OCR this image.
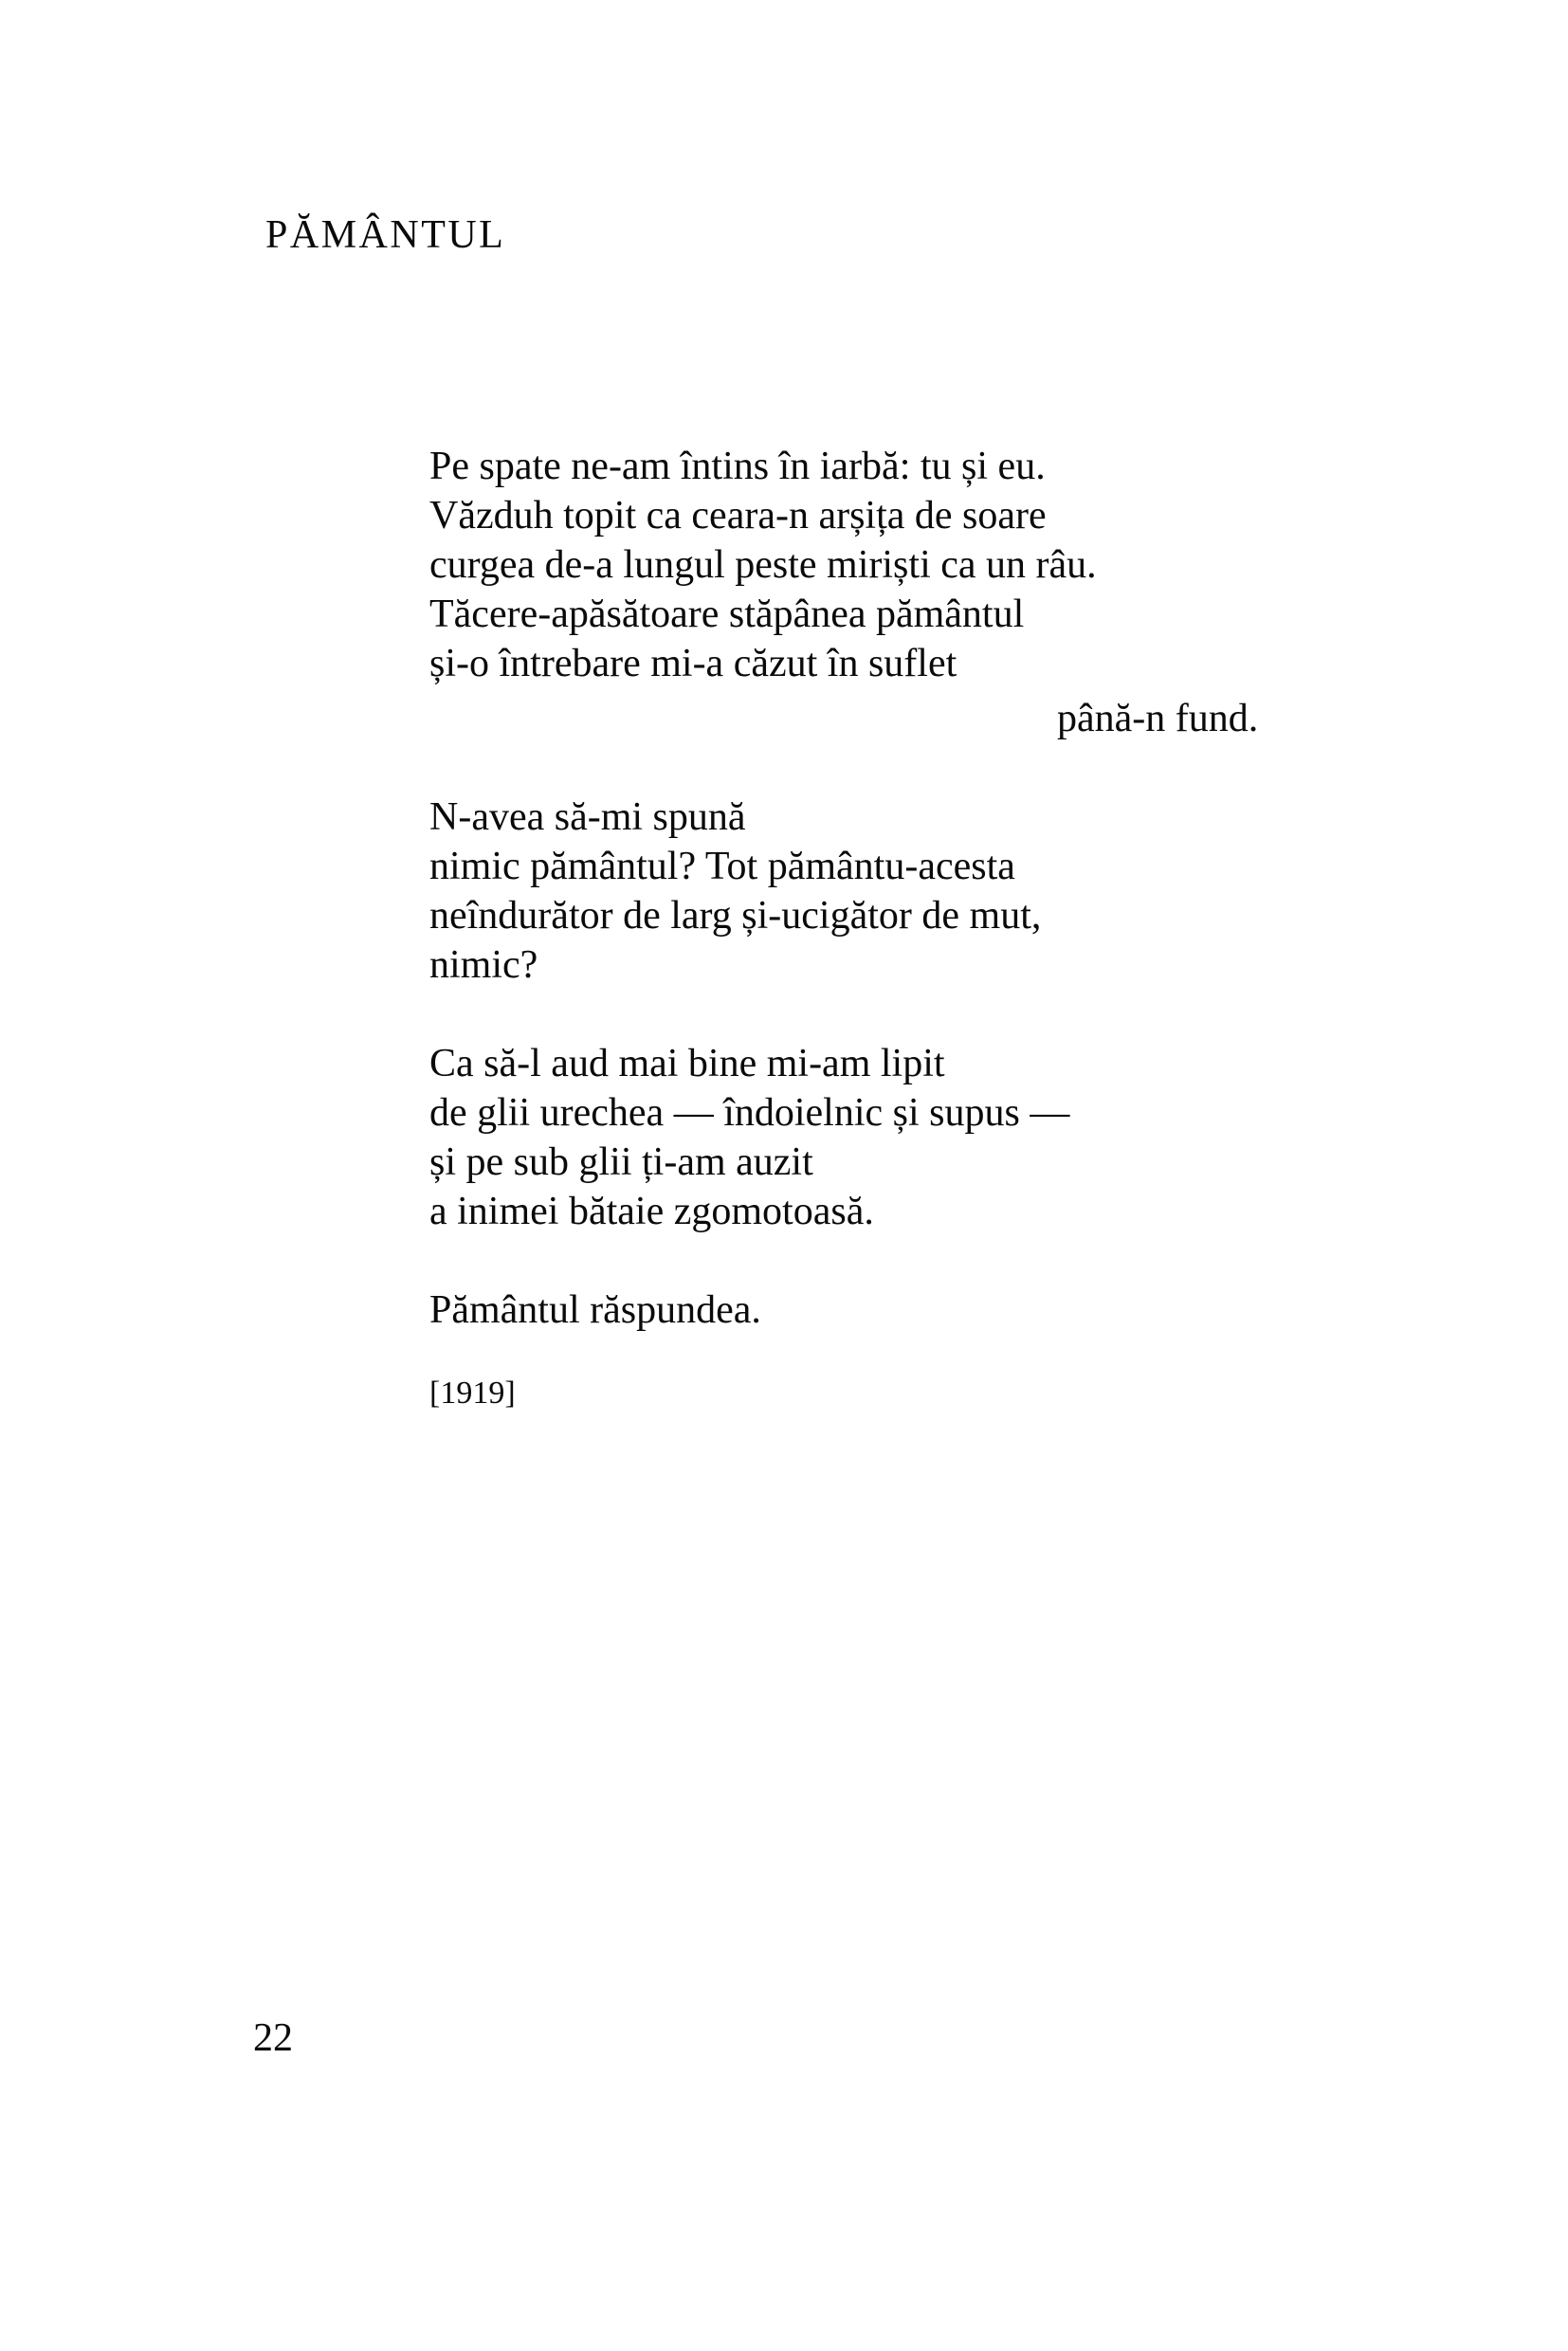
PĂMÂNTUL
Pe spate ne-am întins în iarbă: tu și eu.
Văzduh topit ca ceara-n arșița de soare
curgea de-a lungul peste miriști ca un râu.
Tăcere-apăsătoare stăpânea pământul
și-o întrebare mi-a căzut în suflet
până-n fund.
N-avea să-mi spună
nimic pământul? Tot pământu-acesta
neîndurător de larg și-ucigător de mut,
nimic?
Ca să-l aud mai bine mi-am lipit
de glii urechea — îndoielnic și supus —
și pe sub glii ți-am auzit
a inimei bătaie zgomotoasă.
Pământul răspundea.
[1919]
22
